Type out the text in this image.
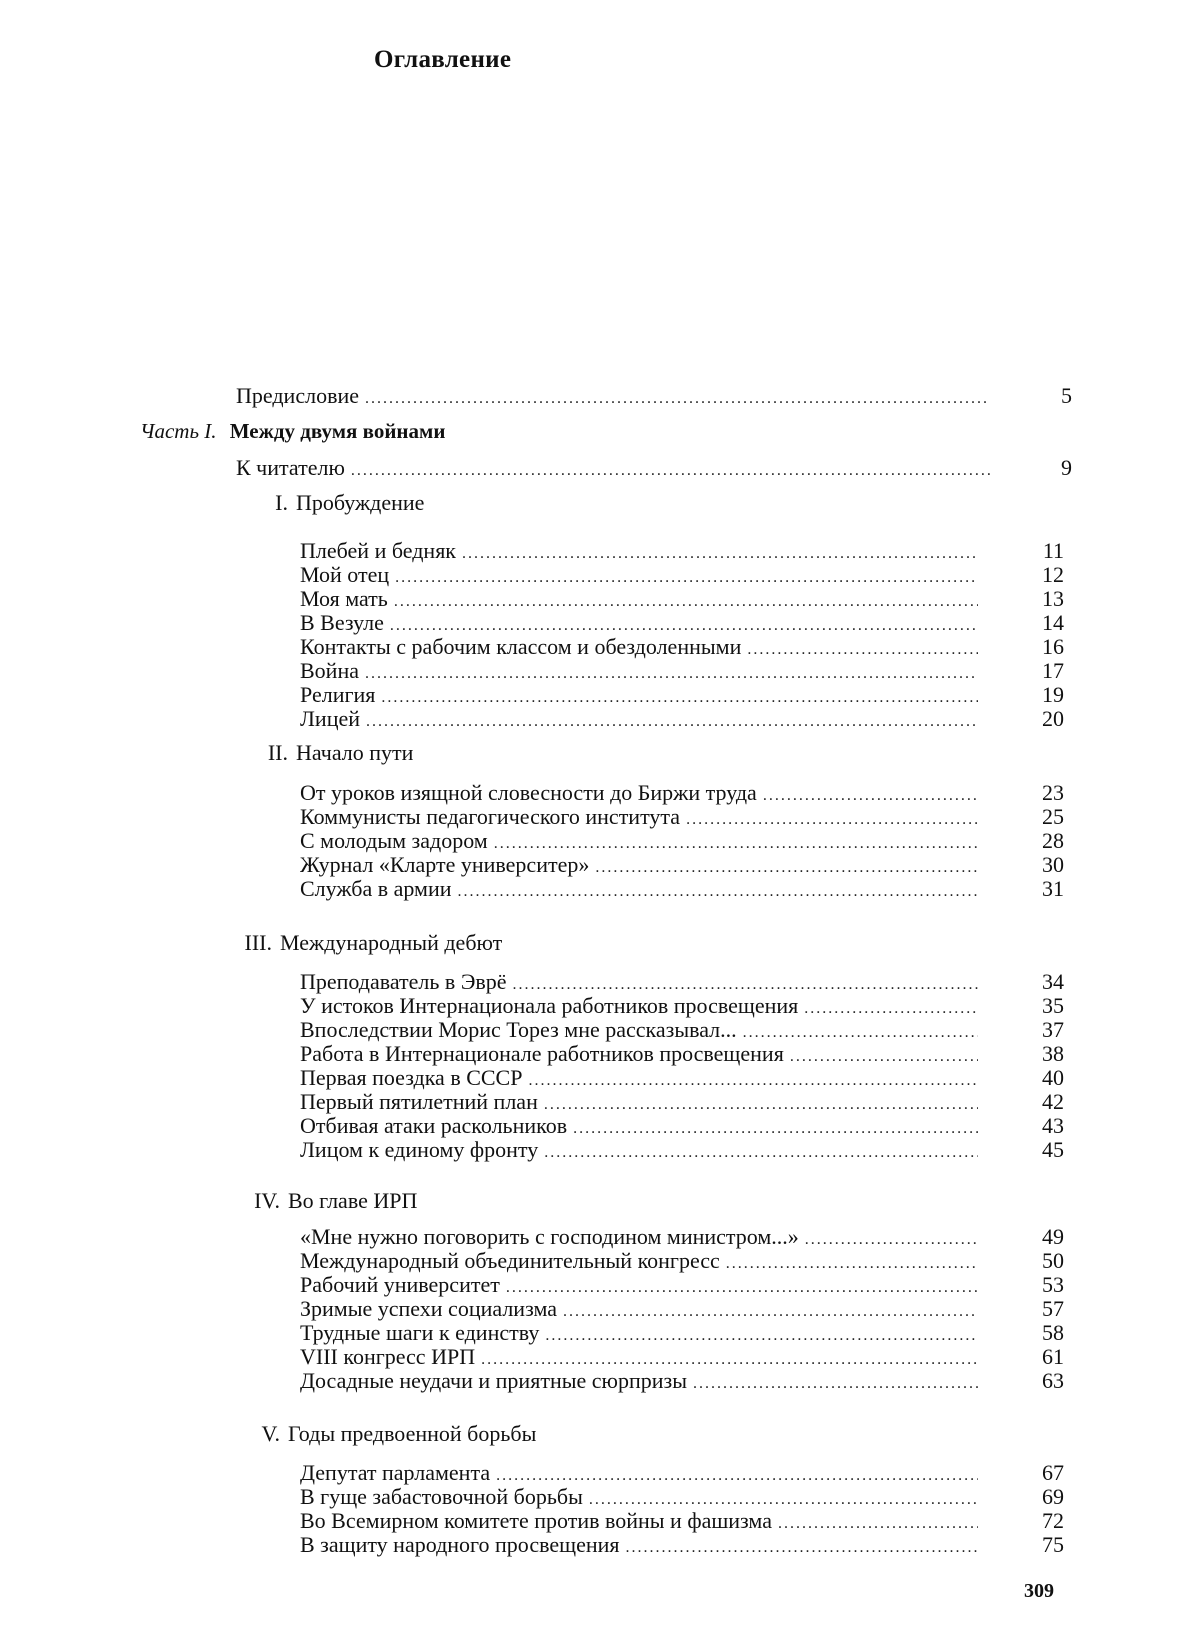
Оглавление
Предисловие . . .	5
Часть I. Между двумя войнами
К читателю . . .	9
I. Пробуждение
Плебей и бедняк . . .	11
Мой отец . . .	12
Моя мать . . .	13
В Везуле . . .	14
Контакты с рабочим классом и обездоленными . . .	16
Война . . .	17
Религия . . .	19
Лицей . . .	20
II. Начало пути
От уроков изящной словесности до Биржи труда . . .	23
Коммунисты педагогического института . . .	25
С молодым задором . . .	28
Журнал «Кларте университер» . . .	30
Служба в армии . . .	31
III. Международный дебют
Преподаватель в Эврё . . .	34
У истоков Интернационала работников просвещения . . .	35
Впоследствии Морис Торез мне рассказывал... . . .	37
Работа в Интернационале работников просвещения . . .	38
Первая поездка в СССР . . .	40
Первый пятилетний план . . .	42
Отбивая атаки раскольников . . .	43
Лицом к единому фронту . . .	45
IV. Во главе ИРП
«Мне нужно поговорить с господином министром...» . . .	49
Международный объединительный конгресс . . .	50
Рабочий университет . . .	53
Зримые успехи социализма . . .	57
Трудные шаги к единству . . .	58
VIII конгресс ИРП . . .	61
Досадные неудачи и приятные сюрпризы . . .	63
V. Годы предвоенной борьбы
Депутат парламента . . .	67
В гуще забастовочной борьбы . . .	69
Во Всемирном комитете против войны и фашизма . . .	72
В защиту народного просвещения . . .	75
309
